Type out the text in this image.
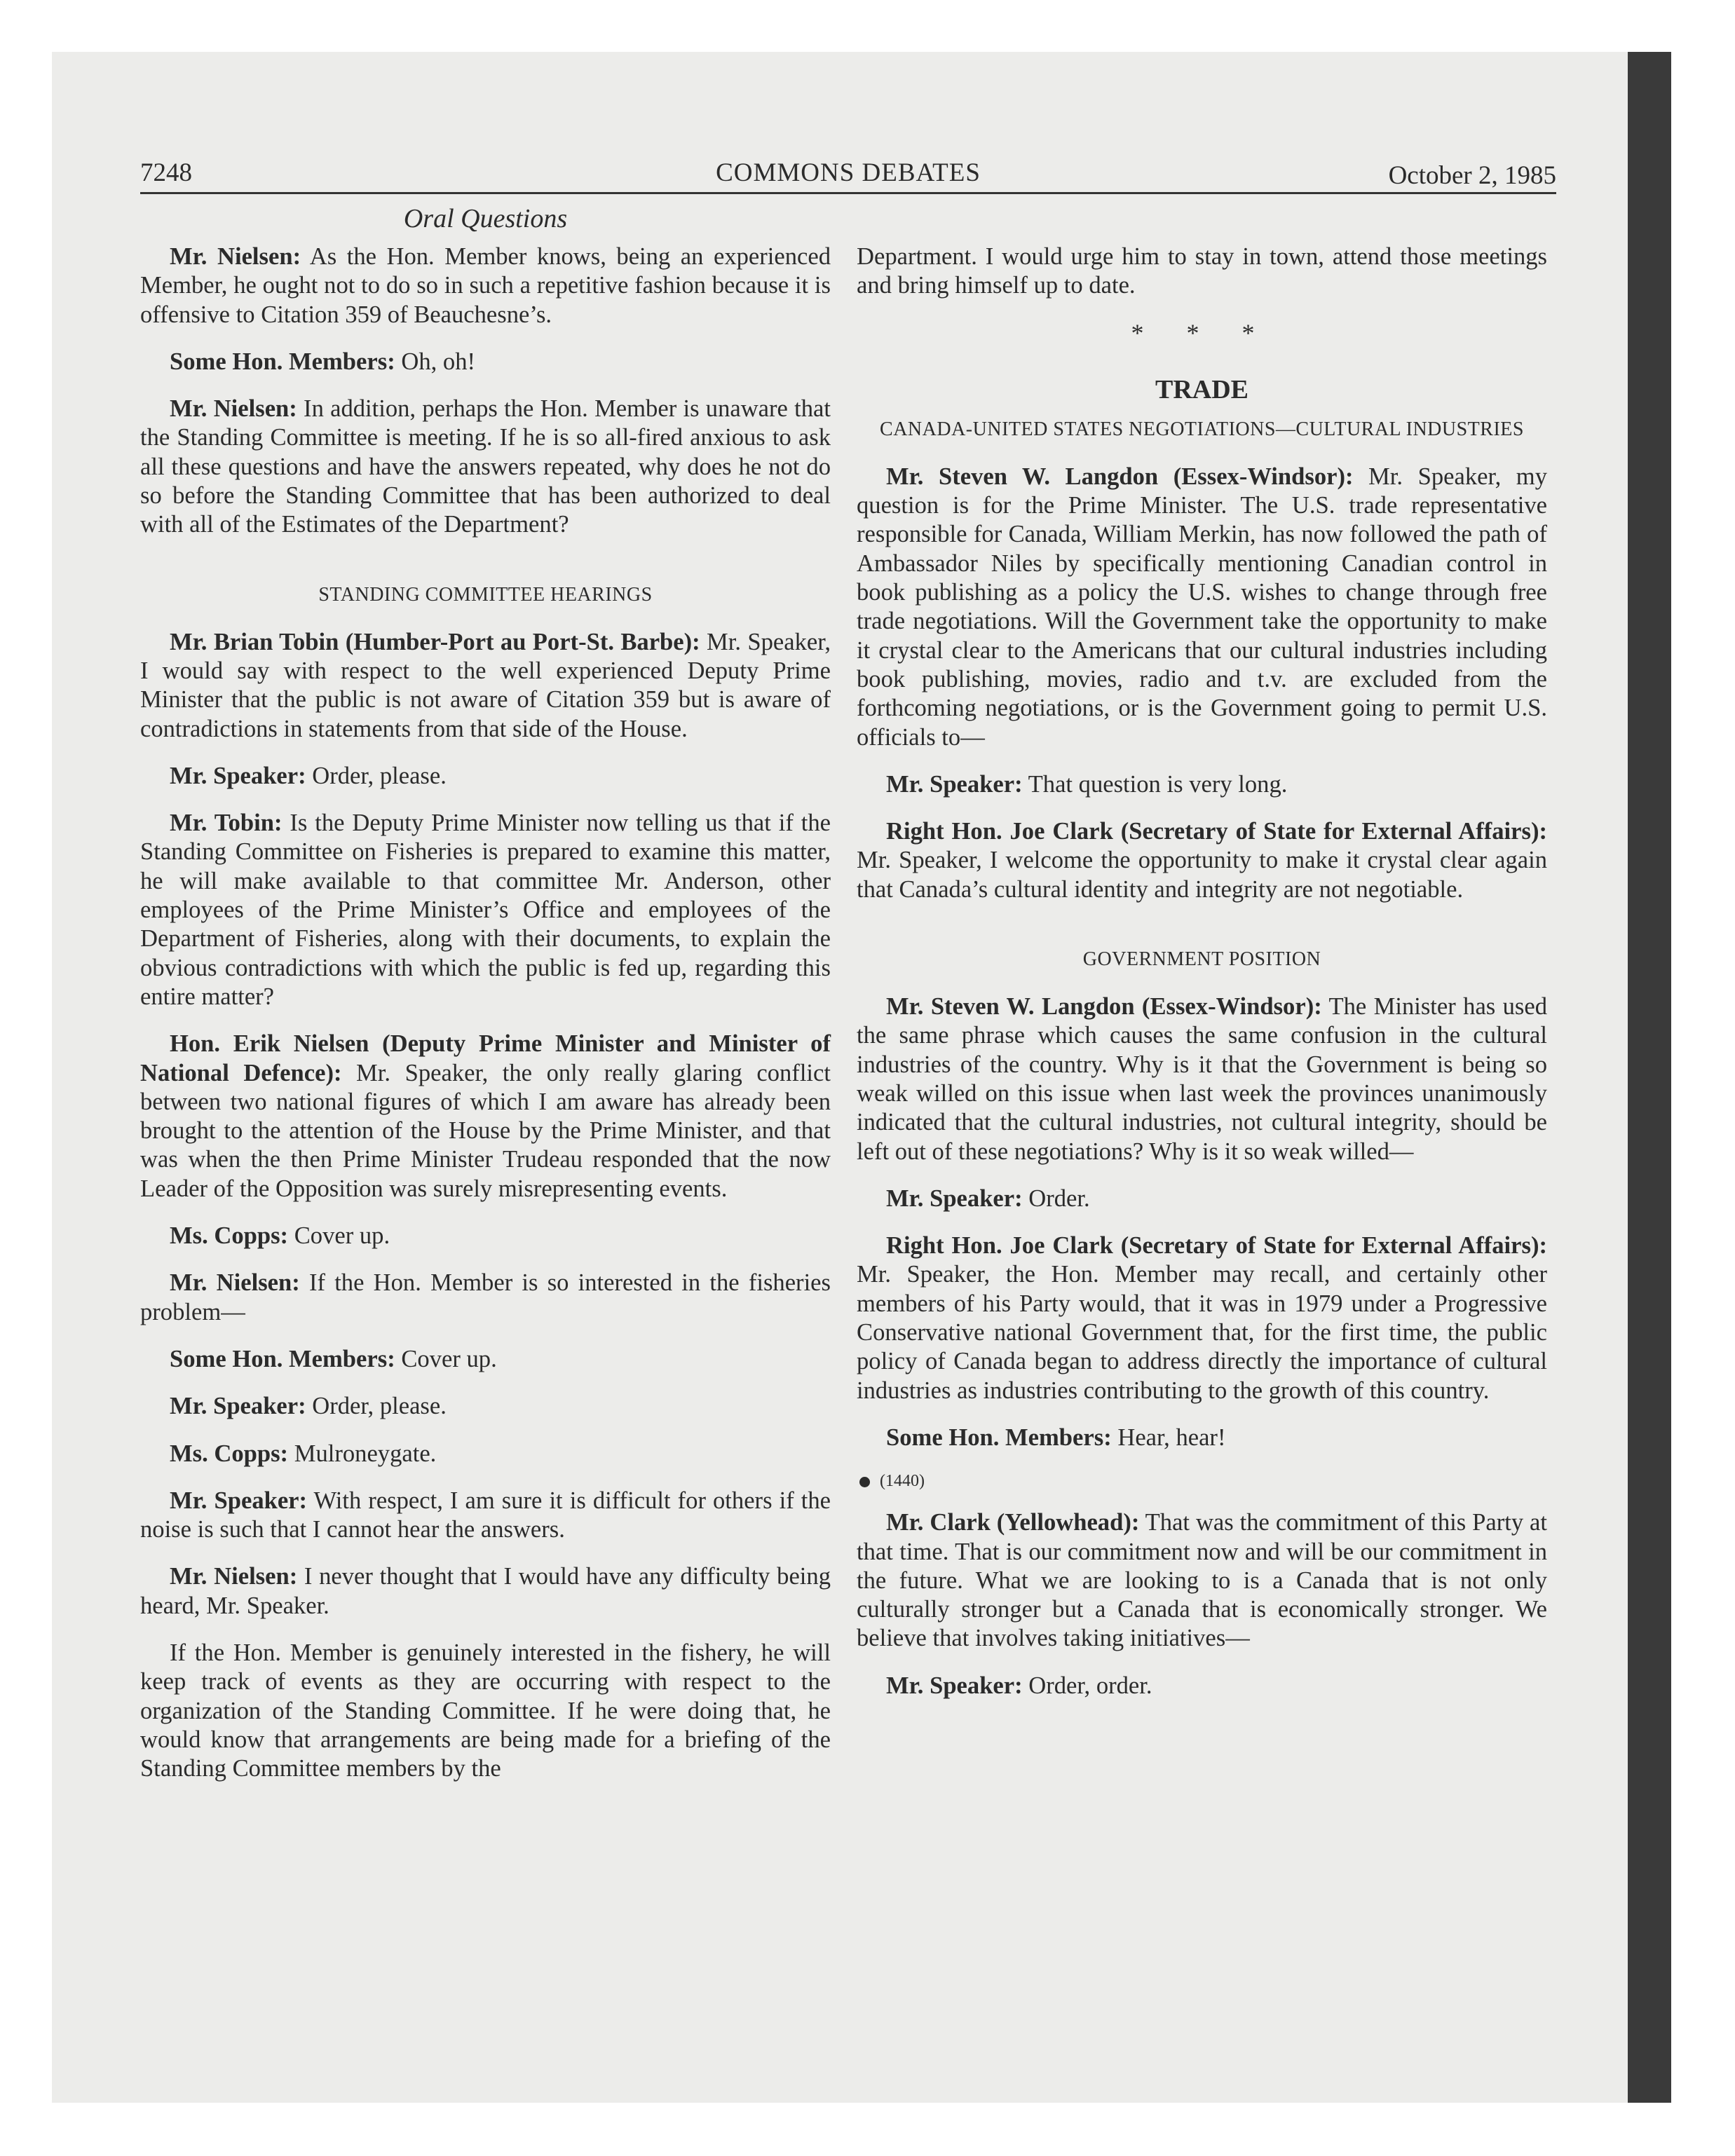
7248	COMMONS DEBATES	October 2, 1985
Oral Questions

Mr. Nielsen: As the Hon. Member knows, being an experienced Member, he ought not to do so in such a repetitive fashion because it is offensive to Citation 359 of Beauchesne’s.

Some Hon. Members: Oh, oh!

Mr. Nielsen: In addition, perhaps the Hon. Member is unaware that the Standing Committee is meeting. If he is so all-fired anxious to ask all these questions and have the answers repeated, why does he not do so before the Standing Committee that has been authorized to deal with all of the Estimates of the Department?

STANDING COMMITTEE HEARINGS

Mr. Brian Tobin (Humber-Port au Port-St. Barbe): Mr. Speaker, I would say with respect to the well experienced Deputy Prime Minister that the public is not aware of Citation 359 but is aware of contradictions in statements from that side of the House.

Mr. Speaker: Order, please.

Mr. Tobin: Is the Deputy Prime Minister now telling us that if the Standing Committee on Fisheries is prepared to examine this matter, he will make available to that committee Mr. Anderson, other employees of the Prime Minister’s Office and employees of the Department of Fisheries, along with their documents, to explain the obvious contradictions with which the public is fed up, regarding this entire matter?

Hon. Erik Nielsen (Deputy Prime Minister and Minister of National Defence): Mr. Speaker, the only really glaring conflict between two national figures of which I am aware has already been brought to the attention of the House by the Prime Minister, and that was when the then Prime Minister Trudeau responded that the now Leader of the Opposition was surely misrepresenting events.

Ms. Copps: Cover up.

Mr. Nielsen: If the Hon. Member is so interested in the fisheries problem—

Some Hon. Members: Cover up.

Mr. Speaker: Order, please.

Ms. Copps: Mulroneygate.

Mr. Speaker: With respect, I am sure it is difficult for others if the noise is such that I cannot hear the answers.

Mr. Nielsen: I never thought that I would have any difficulty being heard, Mr. Speaker.

If the Hon. Member is genuinely interested in the fishery, he will keep track of events as they are occurring with respect to the organization of the Standing Committee. If he were doing that, he would know that arrangements are being made for a briefing of the Standing Committee members by the

Department. I would urge him to stay in town, attend those meetings and bring himself up to date.

* * *
TRADE
CANADA-UNITED STATES NEGOTIATIONS—CULTURAL INDUSTRIES

Mr. Steven W. Langdon (Essex-Windsor): Mr. Speaker, my question is for the Prime Minister. The U.S. trade representative responsible for Canada, William Merkin, has now followed the path of Ambassador Niles by specifically mentioning Canadian control in book publishing as a policy the U.S. wishes to change through free trade negotiations. Will the Government take the opportunity to make it crystal clear to the Americans that our cultural industries including book publishing, movies, radio and t.v. are excluded from the forthcoming negotiations, or is the Government going to permit U.S. officials to—

Mr. Speaker: That question is very long.

Right Hon. Joe Clark (Secretary of State for External Affairs): Mr. Speaker, I welcome the opportunity to make it crystal clear again that Canada’s cultural identity and integrity are not negotiable.

GOVERNMENT POSITION

Mr. Steven W. Langdon (Essex-Windsor): The Minister has used the same phrase which causes the same confusion in the cultural industries of the country. Why is it that the Government is being so weak willed on this issue when last week the provinces unanimously indicated that the cultural industries, not cultural integrity, should be left out of these negotiations? Why is it so weak willed—

Mr. Speaker: Order.

Right Hon. Joe Clark (Secretary of State for External Affairs): Mr. Speaker, the Hon. Member may recall, and certainly other members of his Party would, that it was in 1979 under a Progressive Conservative national Government that, for the first time, the public policy of Canada began to address directly the importance of cultural industries as industries contributing to the growth of this country.

Some Hon. Members: Hear, hear!

(1440)

Mr. Clark (Yellowhead): That was the commitment of this Party at that time. That is our commitment now and will be our commitment in the future. What we are looking to is a Canada that is not only culturally stronger but a Canada that is economically stronger. We believe that involves taking initiatives—

Mr. Speaker: Order, order.
